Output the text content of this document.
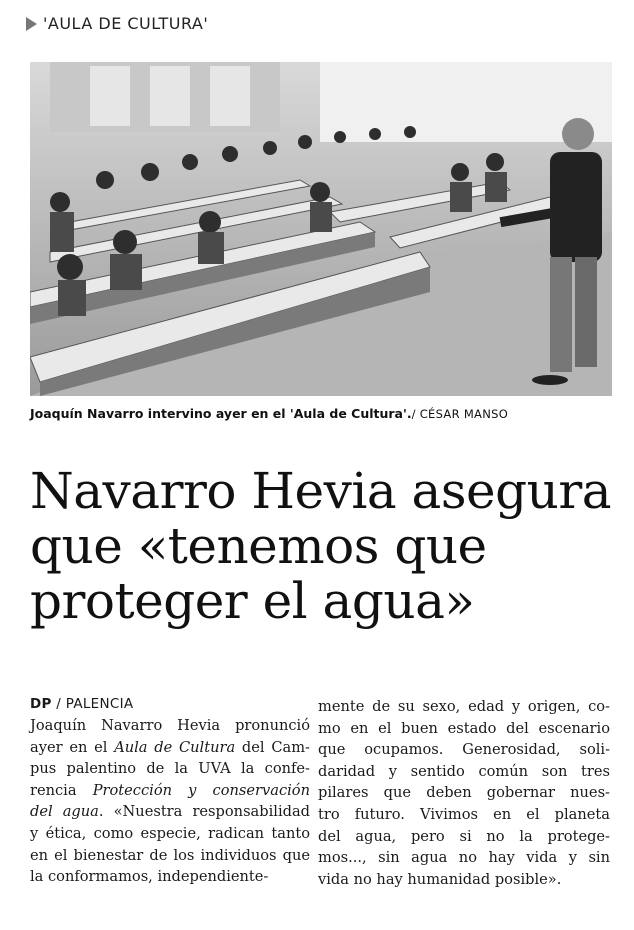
'AULA DE CULTURA'
Joaquín Navarro intervino ayer en el 'Aula de Cultura'./ CÉSAR MANSO
Navarro Hevia asegura
que «tenemos que
proteger el agua»
DP / PALENCIA
Joaquín Navarro Hevia pronunció
ayer en el Aula de Cultura del Cam-
pus palentino de la UVA la confe-
rencia Protección y conservación
del agua. «Nuestra responsabilidad
y ética, como especie, radican tanto
en el bienestar de los individuos que
la conformamos, independiente-
mente de su sexo, edad y origen, co-
mo en el buen estado del escenario
que ocupamos. Generosidad, soli-
daridad y sentido común son tres
pilares que deben gobernar nues-
tro futuro. Vivimos en el planeta
del agua, pero si no la protege-
mos..., sin agua no hay vida y sin
vida no hay humanidad posible».
